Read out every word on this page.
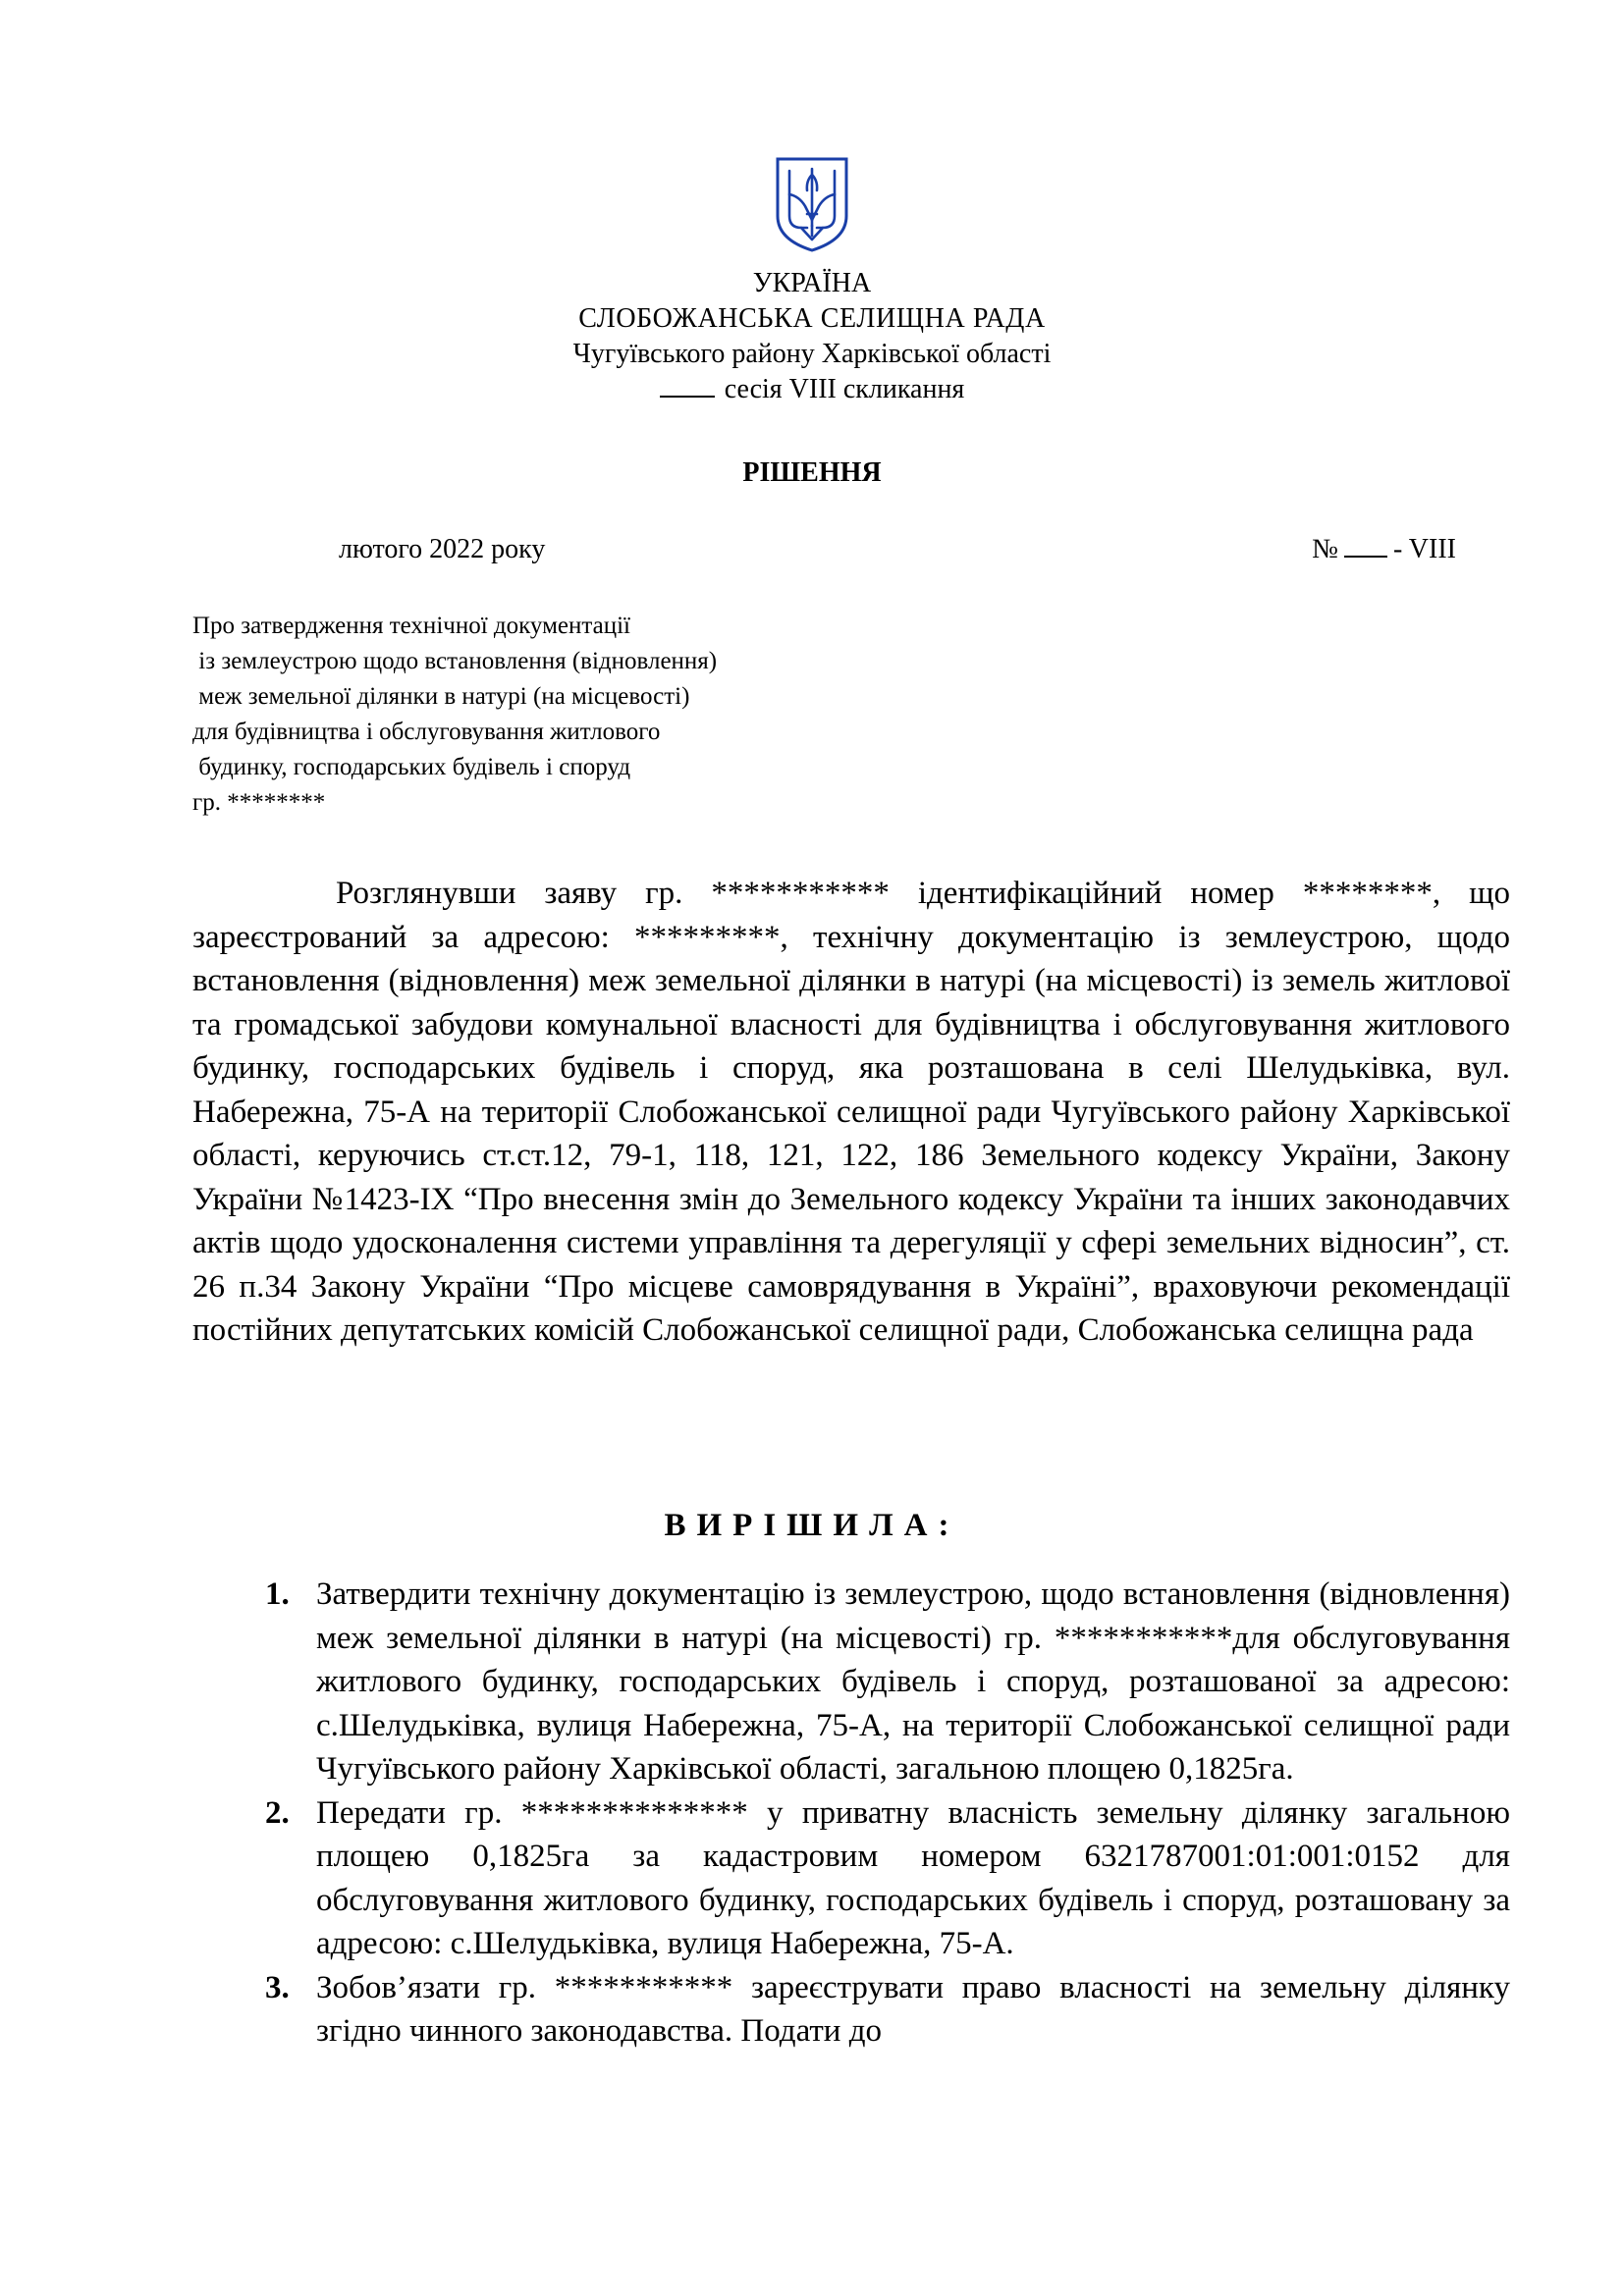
УКРАЇНА
СЛОБОЖАНСЬКА СЕЛИЩНА РАДА
Чугуївського району Харківської області
сесія VIII скликання
РІШЕННЯ
лютого 2022 року	№ - VIII
Про затвердження технічної документації
із землеустрою щодо встановлення (відновлення)
меж земельної ділянки в натурі (на місцевості)
для будівництва і обслуговування житлового
будинку, господарських будівель і споруд
гр. ********

Розглянувши заяву гр. *********** ідентифікаційний номер ********, що зареєстрований за адресою: *********, технічну документацію із землеустрою, щодо встановлення (відновлення) меж земельної ділянки в натурі (на місцевості) із земель житлової та громадської забудови комунальної власності для будівництва і обслуговування житлового будинку, господарських будівель і споруд, яка розташована в селі Шелудьківка, вул. Набережна, 75-А на території Слобожанської селищної ради Чугуївського району Харківської області, керуючись ст.ст.12, 79-1, 118, 121, 122, 186 Земельного кодексу України, Закону України №1423-IX “Про внесення змін до Земельного кодексу України та інших законодавчих актів щодо удосконалення системи управління та дерегуляції у сфері земельних відносин”, ст. 26 п.34 Закону України “Про місцеве самоврядування в Україні”, враховуючи рекомендації постійних депутатських комісій Слобожанської селищної ради, Слобожанська селищна рада

ВИРІШИЛА:
1. Затвердити технічну документацію із землеустрою, щодо встановлення (відновлення) меж земельної ділянки в натурі (на місцевості) гр. ***********для обслуговування житлового будинку, господарських будівель і споруд, розташованої за адресою: с.Шелудьківка, вулиця Набережна, 75-А, на території Слобожанської селищної ради Чугуївського району Харківської області, загальною площею 0,1825га.
2. Передати гр. ************** у приватну власність земельну ділянку загальною площею 0,1825га за кадастровим номером 6321787001:01:001:0152 для обслуговування житлового будинку, господарських будівель і споруд, розташовану за адресою: с.Шелудьківка, вулиця Набережна, 75-А.
3. Зобов’язати гр. *********** зареєструвати право власності на земельну ділянку згідно чинного законодавства. Подати до
